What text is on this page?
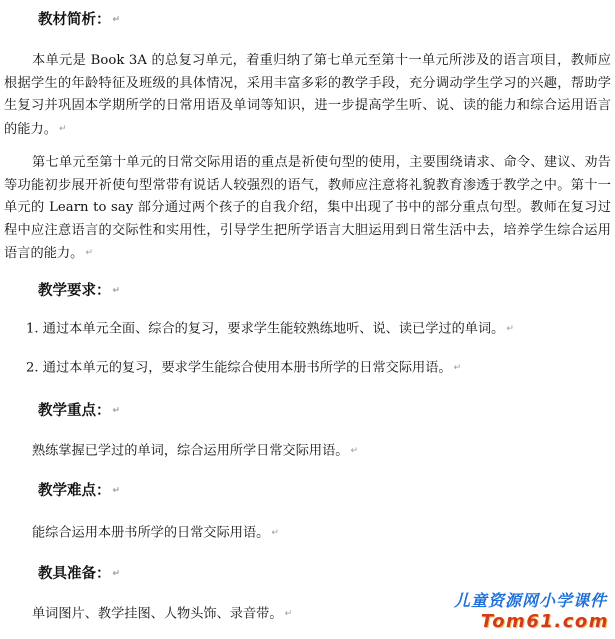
教材简析： ↵
本单元是 Book 3A 的总复习单元，着重归纳了第七单元至第十一单元所涉及的语言项目，教师应根据学生的年龄特征及班级的具体情况，采用丰富多彩的教学手段，充分调动学生学习的兴趣，帮助学生复习并巩固本学期所学的日常用语及单词等知识，进一步提高学生听、说、读的能力和综合运用语言的能力。 ↵
第七单元至第十单元的日常交际用语的重点是祈使句型的使用，主要围绕请求、命令、建议、劝告等功能初步展开祈使句型常带有说话人较强烈的语气，教师应注意将礼貌教育渗透于教学之中。第十一单元的 Learn to say 部分通过两个孩子的自我介绍，集中出现了书中的部分重点句型。教师在复习过程中应注意语言的交际性和实用性，引导学生把所学语言大胆运用到日常生活中去，培养学生综合运用语言的能力。 ↵
教学要求： ↵
1. 通过本单元全面、综合的复习，要求学生能较熟练地听、说、读已学过的单词。 ↵
2. 通过本单元的复习，要求学生能综合使用本册书所学的日常交际用语。 ↵
教学重点： ↵
熟练掌握已学过的单词，综合运用所学日常交际用语。 ↵
教学难点： ↵
能综合运用本册书所学的日常交际用语。 ↵
教具准备： ↵
单词图片、教学挂图、人物头饰、录音带。 ↵
儿童资源网小学课件
Tom61.com
